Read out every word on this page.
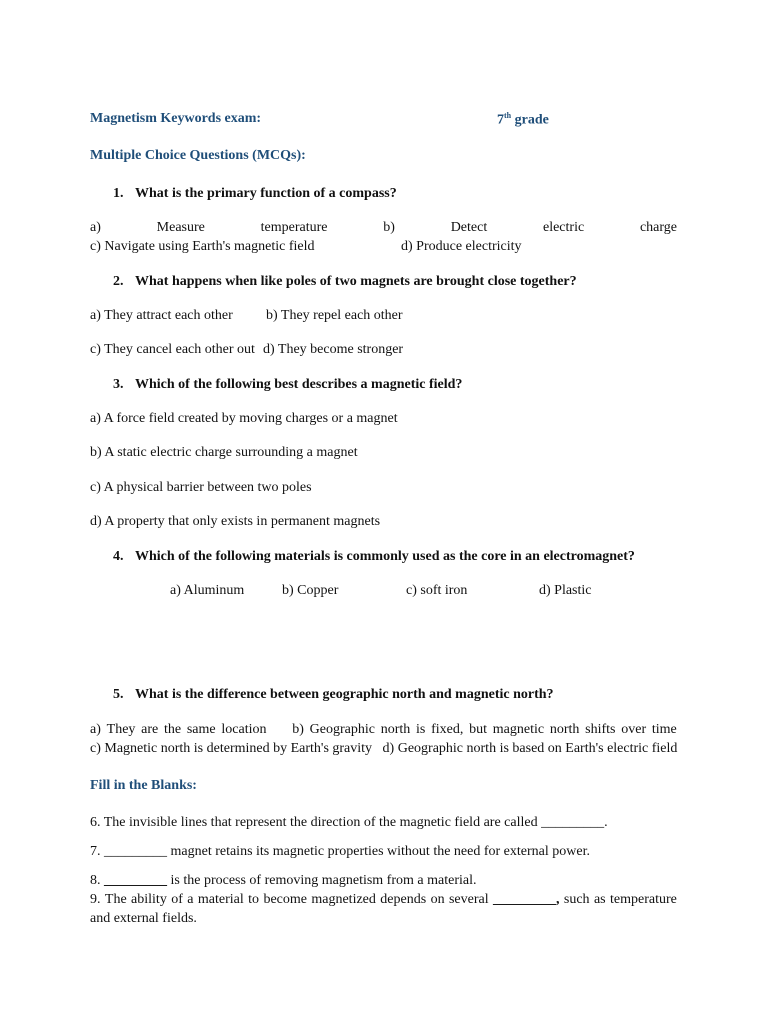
Magnetism Keywords exam:	7th grade
Multiple Choice Questions (MCQs):
1. What is the primary function of a compass?
a)	Measure	temperature	b)	Detect	electric	charge
c) Navigate using Earth's magnetic field	d) Produce electricity
2. What happens when like poles of two magnets are brought close together?
a) They attract each other b) They repel each other
c) They cancel each other out d) They become stronger
3. Which of the following best describes a magnetic field?
a) A force field created by moving charges or a magnet
b) A static electric charge surrounding a magnet
c) A physical barrier between two poles
d) A property that only exists in permanent magnets
4. Which of the following materials is commonly used as the core in an electromagnet?
a) Aluminum	b) Copper	c) soft iron	d) Plastic
5. What is the difference between geographic north and magnetic north?
a) They are the same location b) Geographic north is fixed, but magnetic north shifts over time
c) Magnetic north is determined by Earth's gravity   d) Geographic north is based on Earth's electric field
Fill in the Blanks:
6. The invisible lines that represent the direction of the magnetic field are called _________.
7. _________ magnet retains its magnetic properties without the need for external power.
8. _________ is the process of removing magnetism from a material.
9. The ability of a material to become magnetized depends on several _________, such as temperature
and external fields.
